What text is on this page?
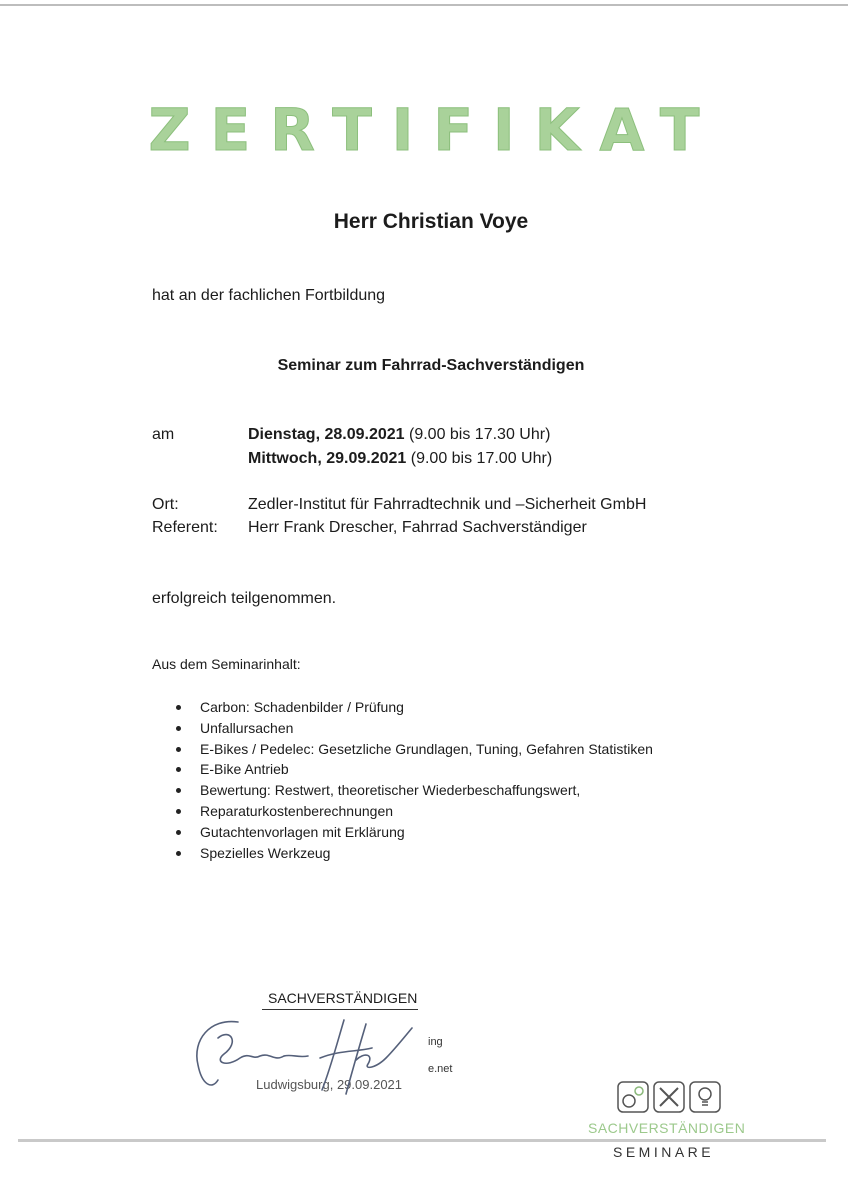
ZERTIFIKAT
Herr Christian Voye
hat an der fachlichen Fortbildung
Seminar zum Fahrrad-Sachverständigen
am	Dienstag, 28.09.2021 (9.00 bis 17.30 Uhr)
Mittwoch, 29.09.2021 (9.00 bis 17.00 Uhr)
Ort:	Zedler-Institut für Fahrradtechnik und –Sicherheit GmbH
Referent: Herr Frank Drescher, Fahrrad Sachverständiger
erfolgreich teilgenommen.
Aus dem Seminarinhalt:
Carbon: Schadenbilder / Prüfung
Unfallursachen
E-Bikes / Pedelec: Gesetzliche Grundlagen, Tuning, Gefahren Statistiken
E-Bike Antrieb
Bewertung: Restwert, theoretischer Wiederbeschaffungswert,
Reparaturkostenberechnungen
Gutachtenvorlagen mit Erklärung
Spezielles Werkzeug
SACHVERSTÄNDIGEN
ing
e.net
Ludwigsburg, 29.09.2021
SACHVERSTÄNDIGEN
SEMINARE
